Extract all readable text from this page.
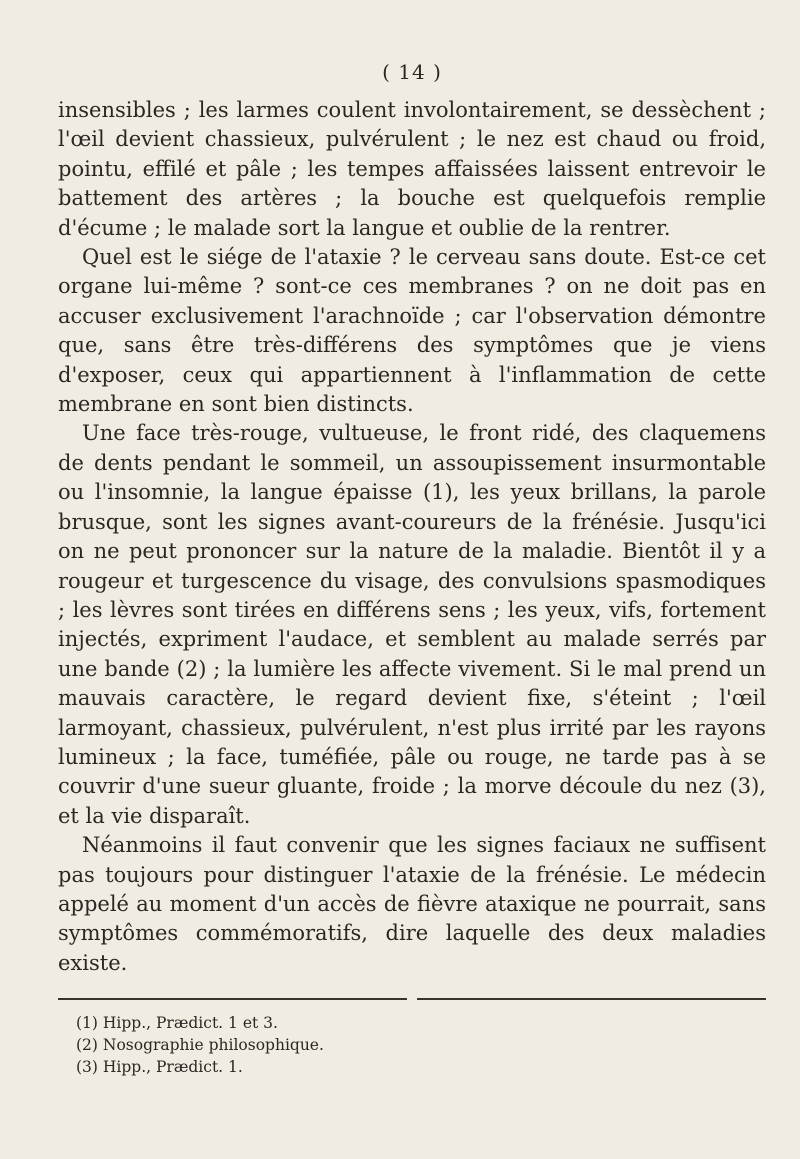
( 14 )

insensibles ; les larmes coulent involontairement, se dessèchent ; l'œil devient chassieux, pulvérulent ; le nez est chaud ou froid, pointu, effilé et pâle ; les tempes affaissées laissent entrevoir le battement des artères ; la bouche est quelquefois remplie d'écume ; le malade sort la langue et oublie de la rentrer.

Quel est le siége de l'ataxie ? le cerveau sans doute. Est-ce cet organe lui-même ? sont-ce ces membranes ? on ne doit pas en accuser exclusivement l'arachnoïde ; car l'observation démontre que, sans être très-différens des symptômes que je viens d'exposer, ceux qui appartiennent à l'inflammation de cette membrane en sont bien distincts.

Une face très-rouge, vultueuse, le front ridé, des claquemens de dents pendant le sommeil, un assoupissement insurmontable ou l'insomnie, la langue épaisse (1), les yeux brillans, la parole brusque, sont les signes avant-coureurs de la frénésie. Jusqu'ici on ne peut prononcer sur la nature de la maladie. Bientôt il y a rougeur et turgescence du visage, des convulsions spasmodiques ; les lèvres sont tirées en différens sens ; les yeux, vifs, fortement injectés, expriment l'audace, et semblent au malade serrés par une bande (2) ; la lumière les affecte vivement. Si le mal prend un mauvais caractère, le regard devient fixe, s'éteint ; l'œil larmoyant, chassieux, pulvérulent, n'est plus irrité par les rayons lumineux ; la face, tuméfiée, pâle ou rouge, ne tarde pas à se couvrir d'une sueur gluante, froide ; la morve découle du nez (3), et la vie disparaît.

Néanmoins il faut convenir que les signes faciaux ne suffisent pas toujours pour distinguer l'ataxie de la frénésie. Le médecin appelé au moment d'un accès de fièvre ataxique ne pourrait, sans symptômes commémoratifs, dire laquelle des deux maladies existe.

(1) Hipp., Prædict. 1 et 3.

(2) Nosographie philosophique.

(3) Hipp., Prædict. 1.
